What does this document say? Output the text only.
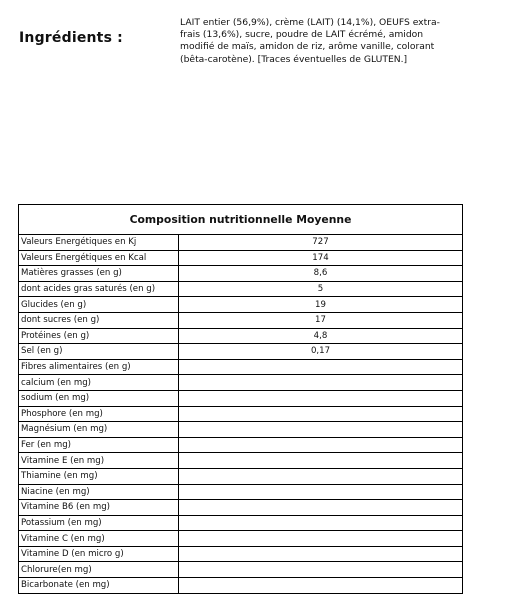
Ingrédients :
LAIT entier (56,9%), crème (LAIT) (14,1%), OEUFS extra-
frais (13,6%), sucre, poudre de LAIT écrémé, amidon
modifié de maïs, amidon de riz, arôme vanille, colorant
(bêta-carotène). [Traces éventuelles de GLUTEN.]
Composition nutritionnelle Moyenne	
Valeurs Energétiques en Kj	727
Valeurs Energétiques en Kcal	174
Matières grasses (en g)	8,6
dont acides gras saturés (en g)	5
Glucides (en g)	19
dont sucres (en g)	17
Protéines (en g)	4,8
Sel (en g)	0,17
Fibres alimentaires (en g)	
calcium (en mg)	
sodium (en mg)	
Phosphore (en mg)	
Magnésium (en mg)	
Fer (en mg)	
Vitamine E (en mg)	
Thiamine (en mg)	
Niacine (en mg)	
Vitamine B6 (en mg)	
Potassium (en mg)	
Vitamine C (en mg)	
Vitamine D (en micro g)	
Chlorure(en mg)	
Bicarbonate (en mg)	
